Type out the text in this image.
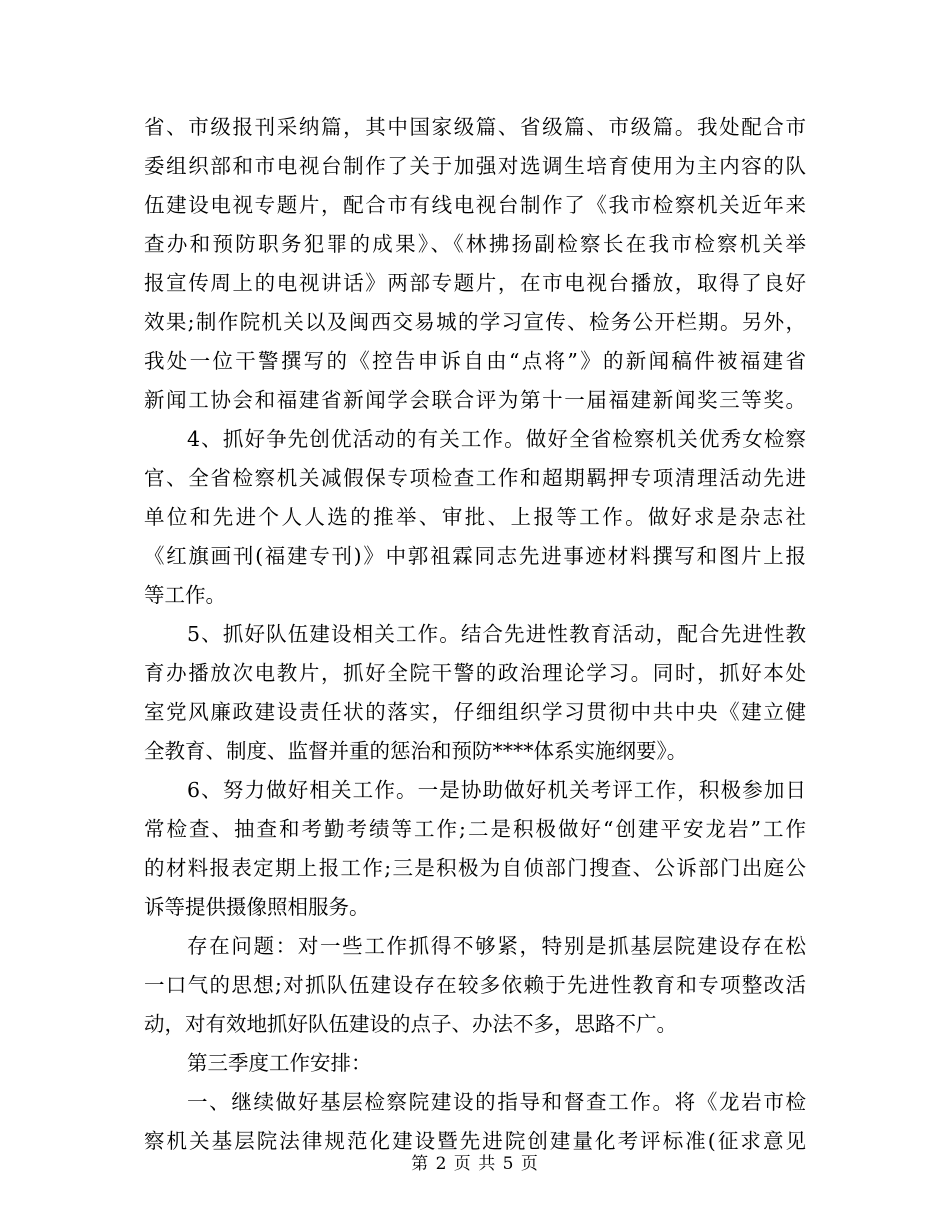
省、市级报刊采纳篇，其中国家级篇、省级篇、市级篇。我处配合市
委组织部和市电视台制作了关于加强对选调生培育使用为主内容的队
伍建设电视专题片，配合市有线电视台制作了《我市检察机关近年来
查办和预防职务犯罪的成果》、《林拂扬副检察长在我市检察机关举
报宣传周上的电视讲话》两部专题片，在市电视台播放，取得了良好
效果;制作院机关以及闽西交易城的学习宣传、检务公开栏期。另外，
我处一位干警撰写的《控告申诉自由“点将”》的新闻稿件被福建省
新闻工协会和福建省新闻学会联合评为第十一届福建新闻奖三等奖。
4、抓好争先创优活动的有关工作。做好全省检察机关优秀女检察
官、全省检察机关减假保专项检查工作和超期羁押专项清理活动先进
单位和先进个人人选的推举、审批、上报等工作。做好求是杂志社
《红旗画刊(福建专刊)》中郭祖霖同志先进事迹材料撰写和图片上报
等工作。
5、抓好队伍建设相关工作。结合先进性教育活动，配合先进性教
育办播放次电教片，抓好全院干警的政治理论学习。同时，抓好本处
室党风廉政建设责任状的落实，仔细组织学习贯彻中共中央《建立健
全教育、制度、监督并重的惩治和预防****体系实施纲要》。
6、努力做好相关工作。一是协助做好机关考评工作，积极参加日
常检查、抽查和考勤考绩等工作;二是积极做好“创建平安龙岩”工作
的材料报表定期上报工作;三是积极为自侦部门搜查、公诉部门出庭公
诉等提供摄像照相服务。
存在问题：对一些工作抓得不够紧，特别是抓基层院建设存在松
一口气的思想;对抓队伍建设存在较多依赖于先进性教育和专项整改活
动，对有效地抓好队伍建设的点子、办法不多，思路不广。
第三季度工作安排：
一、继续做好基层检察院建设的指导和督查工作。将《龙岩市检
察机关基层院法律规范化建设暨先进院创建量化考评标准(征求意见
第 2 页 共 5 页
